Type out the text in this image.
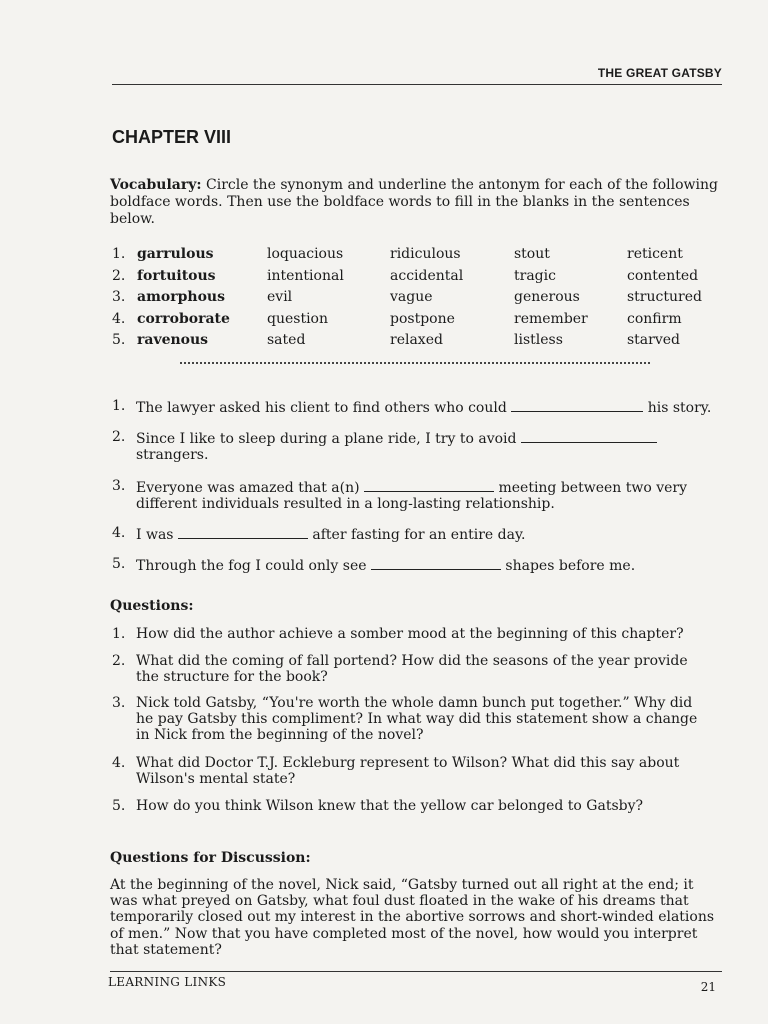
THE GREAT GATSBY
CHAPTER VIII
Vocabulary: Circle the synonym and underline the antonym for each of the following boldface words. Then use the boldface words to fill in the blanks in the sentences below.
1. garrulous	loquacious	ridiculous	stout	reticent
2. fortuitous	intentional	accidental	tragic	contented
3. amorphous	evil	vague	generous	structured
4. corroborate	question	postpone	remember	confirm
5. ravenous	sated	relaxed	listless	starved
1. The lawyer asked his client to find others who could	his story.
2. Since I like to sleep during a plane ride, I try to avoid
strangers.
3. Everyone was amazed that a(n)	meeting between two very different individuals resulted in a long-lasting relationship.
4. I was	after fasting for an entire day.
5. Through the fog I could only see	shapes before me.
Questions:
1. How did the author achieve a somber mood at the beginning of this chapter?
2. What did the coming of fall portend? How did the seasons of the year provide the structure for the book?
3. Nick told Gatsby, “You're worth the whole damn bunch put together.” Why did he pay Gatsby this compliment? In what way did this statement show a change in Nick from the beginning of the novel?
4. What did Doctor T.J. Eckleburg represent to Wilson? What did this say about Wilson's mental state?
5. How do you think Wilson knew that the yellow car belonged to Gatsby?
Questions for Discussion:
At the beginning of the novel, Nick said, “Gatsby turned out all right at the end; it was what preyed on Gatsby, what foul dust floated in the wake of his dreams that temporarily closed out my interest in the abortive sorrows and short-winded elations of men.” Now that you have completed most of the novel, how would you interpret that statement?
LEARNING LINKS	21
